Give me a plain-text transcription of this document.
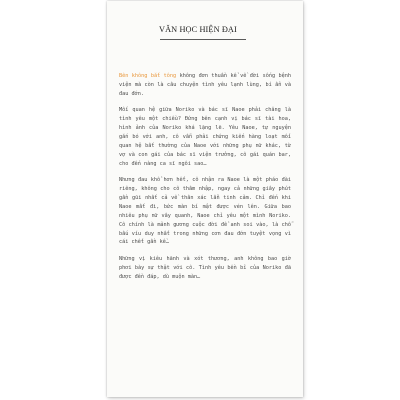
VĂN HỌC HIỆN ĐẠI

Bên không bắt tông không đơn thuần kể về đời sống bệnh viện mà còn là câu chuyện tình yêu lạnh lùng, bí ẩn và đau đớn.

Mối quan hệ giữa Noriko và bác sĩ Naoe phải chăng là tình yêu một chiều? Đứng bên cạnh vị bác sĩ tài hoa, hình ảnh của Noriko khá lặng lẽ. Yêu Naoe, tự nguyện gắn bó với anh, cô vẫn phải chứng kiến hàng loạt mối quan hệ bất thường của Naoe với những phụ nữ khác, từ vợ và con gái của bác sĩ viện trưởng, cô gái quán bar, cho đến nàng ca sĩ ngôi sao…

Nhưng đau khổ hơn hết, cô nhận ra Naoe là một pháo đài riêng, không cho cô thâm nhập, ngay cả những giây phút gần gũi nhất cả về thân xác lẫn tinh cảm. Chỉ đến khi Naoe mất đi, bức màn bí mật được vén lên. Giữa bao nhiêu phụ nữ vây quanh, Naoe chỉ yêu một mình Noriko. Cô chính là mảnh gương cuộc đời để anh soi vào, là chỗ bấu víu duy nhất trong những cơn đau đớn tuyệt vọng vì cái chết gần kề…

Những vị kiêu hãnh và xót thương, anh không bao giờ phơi bày sự thật với cô. Tình yêu bền bỉ của Noriko đã được đền đáp, dù muộn màn…
